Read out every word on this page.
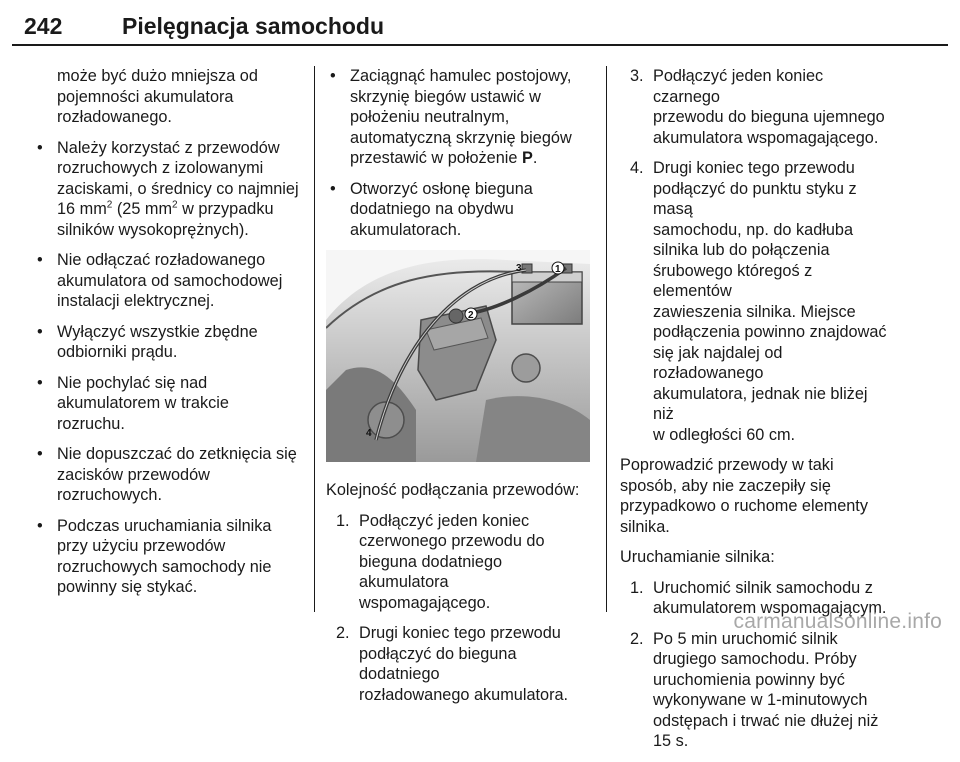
242	Pielęgnacja samochodu

może być dużo mniejsza od
pojemności akumulatora
rozładowanego.

• Należy korzystać z przewodów
rozruchowych z izolowanymi
zaciskami, o średnicy co najmniej
16 $mm^2$ (25 $mm^2$ w przypadku
silników wysokoprężnych).
• Nie odłączać rozładowanego
akumulatora od samochodowej
instalacji elektrycznej.
• Wyłączyć wszystkie zbędne
odbiorniki prądu.
• Nie pochylać się nad
akumulatorem w trakcie
rozruchu.
• Nie dopuszczać do zetknięcia się
zacisków przewodów
rozruchowych.
• Podczas uruchamiania silnika
przy użyciu przewodów
rozruchowych samochody nie
powinny się stykać.
• Zaciągnąć hamulec postojowy,
skrzynię biegów ustawić w
położeniu neutralnym,
automatyczną skrzynię biegów
przestawić w położenie P.
• Otworzyć osłonę bieguna
dodatniego na obydwu
akumulatorach.
3	1
2
4

Kolejność podłączania przewodów:

1. Podłączyć jeden koniec
czerwonego przewodu do
bieguna dodatniego akumulatora
wspomagającego.
2. Drugi koniec tego przewodu
podłączyć do bieguna dodatniego
rozładowanego akumulatora.
3. Podłączyć jeden koniec czarnego
przewodu do bieguna ujemnego
akumulatora wspomagającego.
4. Drugi koniec tego przewodu
podłączyć do punktu styku z masą
samochodu, np. do kadłuba
silnika lub do połączenia
śrubowego któregoś z elementów
zawieszenia silnika. Miejsce
podłączenia powinno znajdować
się jak najdalej od rozładowanego
akumulatora, jednak nie bliżej niż
w odległości 60 cm.

Poprowadzić przewody w taki
sposób, aby nie zaczepiły się
przypadkowo o ruchome elementy
silnika.

Uruchamianie silnika:

1. Uruchomić silnik samochodu z
akumulatorem wspomagającym.
2. Po 5 min uruchomić silnik
drugiego samochodu. Próby
uruchomienia powinny być
wykonywane w 1-minutowych
odstępach i trwać nie dłużej niż
15 s.
carmanualsonline.info
